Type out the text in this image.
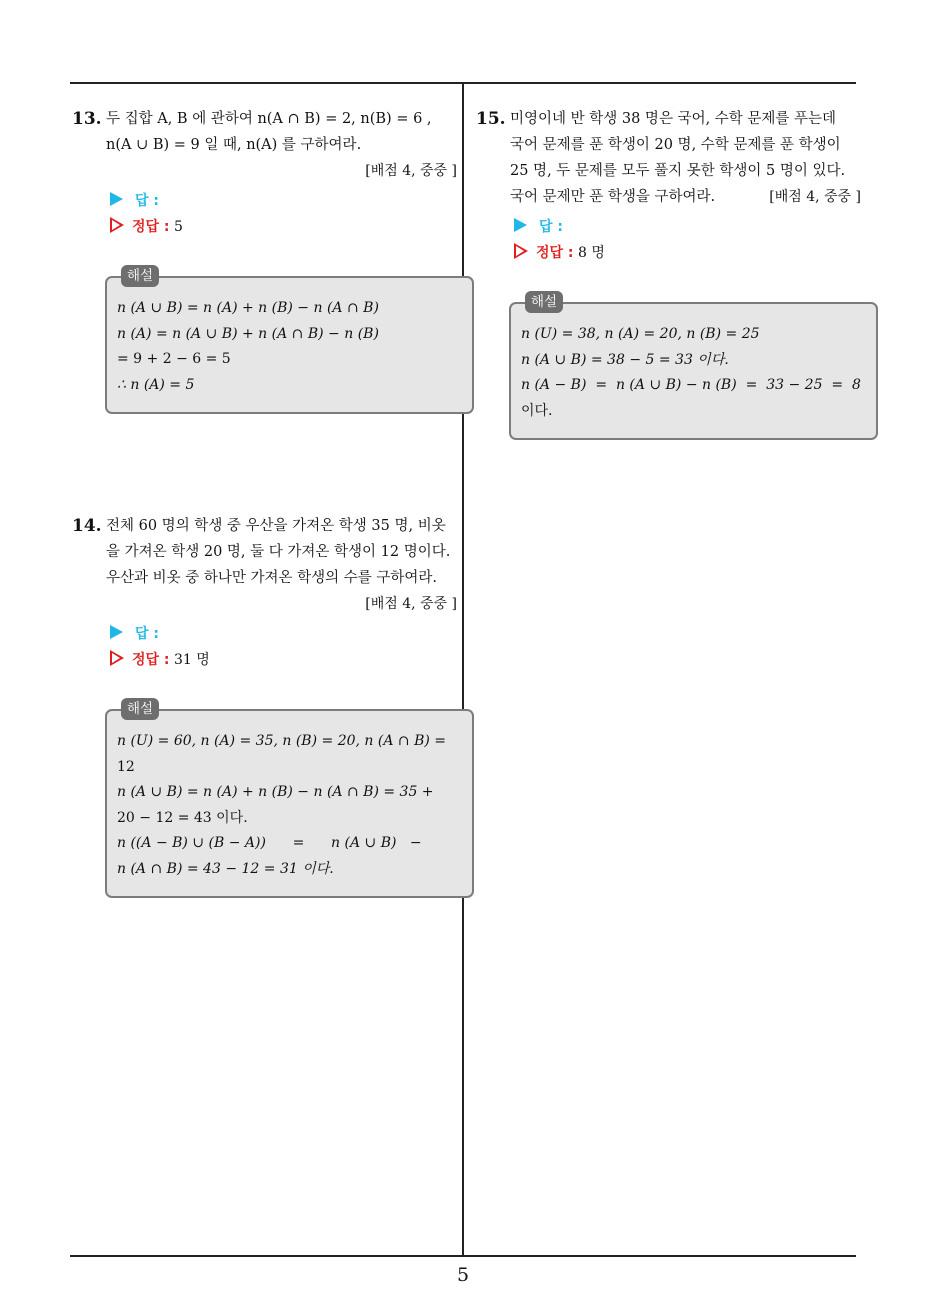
13. 두 집합 A, B 에 관하여 n(A ∩ B) = 2, n(B) = 6 ,
n(A ∪ B) = 9 일 때, n(A) 를 구하여라.

[배점 4, 중중 ]
답 :
정답 : 5
해설

n (A ∪ B) = n (A) + n (B) − n (A ∩ B)

n (A) = n (A ∪ B) + n (A ∩ B) − n (B)

= 9 + 2 − 6 = 5

∴ n (A) = 5

14. 전체 60 명의 학생 중 우산을 가져온 학생 35 명, 비옷
을 가져온 학생 20 명, 둘 다 가져온 학생이 12 명이다.
우산과 비옷 중 하나만 가져온 학생의 수를 구하여라.

[배점 4, 중중 ]
답 :
정답 : 31 명
해설

n (U) = 60, n (A) = 35, n (B) = 20, n (A ∩ B) =

12

n (A ∪ B) = n (A) + n (B) − n (A ∩ B) = 35 +

20 − 12 = 43 이다.

n ((A − B) ∪ (B − A))      =      n (A ∪ B)   −

n (A ∩ B) = 43 − 12 = 31 이다.

15. 미영이네 반 학생 38 명은 국어, 수학 문제를 푸는데
국어 문제를 푼 학생이 20 명, 수학 문제를 푼 학생이
25 명, 두 문제를 모두 풀지 못한 학생이 5 명이 있다.
국어 문제만 푼 학생을 구하여라.	[배점 4, 중중 ]

답 :
정답 : 8 명
해설

n (U) = 38, n (A) = 20, n (B) = 25

n (A ∪ B) = 38 − 5 = 33 이다.

n (A − B)  =  n (A ∪ B) − n (B)  =  33 − 25  =  8

이다.

5
